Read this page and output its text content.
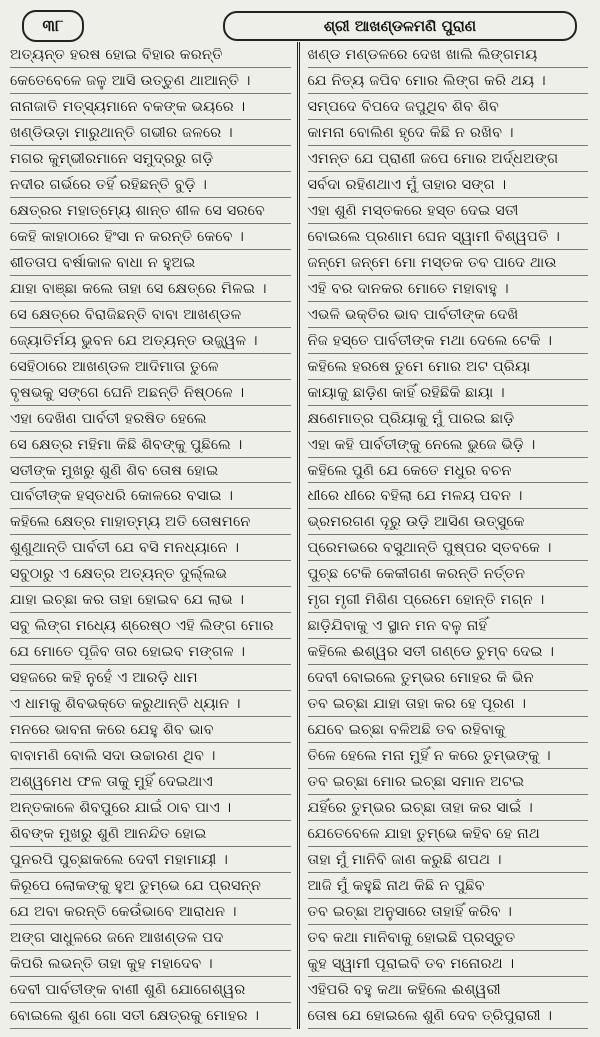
୩୮	ଶ୍ରୀ ଆଖଣ୍ଡଳମଣି ପୁରାଣ
ଅତ୍ୟନ୍ତ ହରଷ ହୋଇ ବିହାର କରନ୍ତି
କେତେବେଳେ ଜଳୁ ଆସି ଉତ୍ତୁଣ ଥାଆନ୍ତି ।
ନାନାଜାତି ମତ୍ସ୍ୟମାନେ ବକଙ୍କ ଭୟରେ ।
ଖଣ୍ଡିଉଡ଼ା ମାରୁଥାନ୍ତି ଗଭୀର ଜଳରେ ।
ମଗର କୁମ୍ଭୀରମାନେ ସମୁଦ୍ରରୁ ଗଡ଼ି
ନଦୀର ଗର୍ଭରେ ତହିଁ ରହିଛନ୍ତି ବୁଡ଼ି ।
କ୍ଷେତ୍ରର ମହାତ୍ମ୍ୟେ ଶାନ୍ତ ଶୀଳ ସେ ସରବେ
କେହି କାହାଠାରେ ହିଂସା ନ କରନ୍ତି କେବେ ।
ଶୀତତାପ ବର୍ଷାକାଳ ବାଧା ନ ହୁଅଇ
ଯାହା ବାଞ୍ଛା କଲେ ତାହା ସେ କ୍ଷେତ୍ରେ ମିଳଇ ।
ସେ କ୍ଷେତ୍ରେ ବିରାଜିଛନ୍ତି ବାବା ଆଖଣ୍ଡଳ
ଜ୍ୟୋତିର୍ମୟ ଭୁବନ ଯେ ଅତ୍ୟନ୍ତ ଉଜ୍ଜ୍ୱଳ ।
ସେହିଠାରେ ଆଖଣ୍ଡଳ ଆଦିମାତା ତୁଳେ
ବୃଷଭକୁ ସଙ୍ଗେ ଘେନି ଅଛନ୍ତି ନିଷ୍ଠଳେ ।
ଏହା ଦେଖିଣ ପାର୍ବତୀ ହରଷିତ ହେଲେ
ସେ କ୍ଷେତ୍ର ମହିମା କିଛି ଶିବଙ୍କୁ ପୁଛିଲେ ।
ସତୀଙ୍କ ମୁଖରୁ ଶୁଣି ଶିବ ତୋଷ ହୋଇ
ପାର୍ବତୀଙ୍କ ହସ୍ତଧରି କୋଳରେ ବସାଇ ।
କହିଲେ କ୍ଷେତ୍ର ମାହାତ୍ମ୍ୟ ଅତି ତୋଷମନେ
ଶୁଣୁଥାନ୍ତି ପାର୍ବତୀ ଯେ ବସି ମନଧ୍ୟାନେ ।
ସବୁଠାରୁ ଏ କ୍ଷେତ୍ର ଅତ୍ୟନ୍ତ ଦୁର୍ଲ୍ଲଭ
ଯାହା ଇଚ୍ଛା କର ତାହା ହୋଇବ ଯେ ଲାଭ ।
ସବୁ ଲିଙ୍ଗ ମଧ୍ୟେ ଶ୍ରେଷ୍ଠ ଏହି ଲିଙ୍ଗ ମୋର
ଯେ ମୋତେ ପୂଜିବ ତାର ହୋଇବ ମଙ୍ଗଳ ।
ସହଜରେ କହି ନୁହେଁ ଏ ଆରଡ଼ି ଧାମ
ଏ ଧାମକୁ ଶିବଭକ୍ତେ କରୁଥାନ୍ତି ଧ୍ୟାନ ।
ମନରେ ଭାବନା କରେ ଯେହୁ ଶିବ ଭାବ
ବାବାମଣି ବୋଲି ସଦା ଉଚ୍ଚାରଣ ଥିବ ।
ଅଶ୍ୱମେଧ ଫଳ ତାକୁ ମୁହିଁ ଦେଇଥାଏ
ଅନ୍ତକାଳେ ଶିବପୁରେ ଯାଇଁ ଠାବ ପାଏ ।
ଶିବଙ୍କ ମୁଖରୁ ଶୁଣି ଆନନ୍ଦିତ ହୋଇ
ପୁନରପି ପୁଚ୍ଛାକଲେ ଦେବୀ ମହାମାୟୀ ।
କିରୂପେ ଲୋକଙ୍କୁ ହୁଅ ତୁମ୍ଭେ ଯେ ପ୍ରସନ୍ନ
ଯେ ଅବା କରନ୍ତି କେଉଁଭାବେ ଆରାଧନ ।
ଅଙ୍ଗ ସାଧୁଳରେ ଜନେ ଆଖଣ୍ଡଳ ପଦ
କିପରି ଲଭନ୍ତି ତାହା କୁହ ମହାଦେବ ।
ଦେବୀ ପାର୍ବତୀଙ୍କ ବାଣୀ ଶୁଣି ଯୋଗେଶ୍ୱର
ବୋଇଲେ ଶୁଣ ଗୋ ସତୀ କ୍ଷେତ୍ରକୁ ମୋହର ।
ଖଣ୍ଡ ମଣ୍ଡଳରେ ଦେଖ ଖାଲି ଲିଙ୍ଗମୟ
ଯେ ନିତ୍ୟ ଜପିବ ମୋର ଲିଙ୍ଗ କରି ଥୟ ।
ସମ୍ପଦେ ବିପଦେ ଜପୁଥିବ ଶିବ ଶିବ
କାମନା ବୋଲିଣ ହୃଦେ କିଛି ନ ରଖିବ ।
ଏମନ୍ତ ଯେ ପ୍ରାଣୀ ଜପେ ମୋର ଅର୍ଦ୍ଧଅଙ୍ଗ
ସର୍ବଦା ରହିଣଥାଏ ମୁଁ ତାହାର ସଙ୍ଗ ।
ଏହା ଶୁଣି ମସ୍ତକରେ ହସ୍ତ ଦେଇ ସତୀ
ବୋଇଲେ ପ୍ରଣାମ ଘେନ ସ୍ୱାମୀ ବିଶ୍ୱପତି ।
ଜନ୍ମେ ଜନ୍ମେ ମୋ ମସ୍ତକ ତବ ପାଦେ ଥାଉ
ଏହି ବର ଦାନକର ମୋତେ ମହାବାହୁ ।
ଏଭଳି ଭକ୍ତିର ଭାବ ପାର୍ବତୀଙ୍କ ଦେଖି
ନିଜ ହସ୍ତେ ପାର୍ବତୀଙ୍କ ମଥା ଦେଲେ ଟେକି ।
କହିଲେ ହରଷେ ତୁମେ ମୋର ଅଟ ପ୍ରିୟା
କାୟାକୁ ଛାଡ଼ିଣ କାହିଁ ରହିଛିକି ଛାୟା ।
କ୍ଷଣେମାତ୍ର ପ୍ରିୟାକୁ ମୁଁ ପାରଇ ଛାଡ଼ି
ଏହା କହି ପାର୍ବତୀଙ୍କୁ ନେଲେ ଭୁଜେ ଭିଡ଼ି ।
କହିଲେ ପୁଣି ଯେ କେତେ ମଧୁର ବଚନ
ଧୀରେ ଧୀରେ ବହିଲା ଯେ ମଳୟ ପବନ ।
ଭ୍ରମରଗଣ ଦୂରୁ ଉଡ଼ି ଆସିଣ ଉତ୍ସୁକେ
ପ୍ରେମଭରେ ବସୁଥାନ୍ତି ପୁଷ୍ପର ସ୍ତବକେ ।
ପୁଚ୍ଛ ଟେକି କେକୀଗଣ କରନ୍ତି ନର୍ତ୍ତନ
ମୃଗ ମୃଗୀ ମିଶିଣ ପ୍ରେମେ ହୋନ୍ତି ମଗ୍ନ ।
ଛାଡ଼ିଯିବାକୁ ଏ ସ୍ଥାନ ମନ ବଳୁ ନାହିଁ
କହିଲେ ଈଶ୍ୱର ସତୀ ଗଣ୍ଡେ ଚୁମ୍ବ ଦେଇ ।
ଦେବୀ ବୋଇଲେ ତୁମ୍ଭର ମୋହର କି ଭିନ
ତବ ଇଚ୍ଛା ଯାହା ତାହା କର ହେ ପୂରଣ ।
ଯେବେ ଇଚ୍ଛା ବଳିଅଛି ତବ ରହିବାକୁ
ତିଳେ ହେଲେ ମନା ମୁହିଁ ନ କରେ ତୁମ୍ଭଙ୍କୁ ।
ତବ ଇଚ୍ଛା ମୋର ଇଚ୍ଛା ସମାନ ଅଟଇ
ଯହିଁରେ ତୁମ୍ଭର ଇଚ୍ଛା ତାହା କର ସାଇଁ ।
ଯେତେବେଳେ ଯାହା ତୁମ୍ଭେ କହିବ ହେ ନାଥ
ତାହା ମୁଁ ମାନିବି ଜାଣ କରୁଛି ଶପଥ ।
ଆଜି ମୁଁ କହୁଛି ନାଥ କିଛି ନ ପୁଛିବ
ତବ ଇଚ୍ଛା ଅନୁସାରେ ତାହାହିଁ କରିବ ।
ତବ କଥା ମାନିବାକୁ ହୋଇଛି ପ୍ରସ୍ତୁତ
କୁହ ସ୍ୱାମୀ ପୂରାଇବି ତବ ମନୋରଥ ।
ଏହିପରି ବହୁ କଥା କହିଲେ ଈଶ୍ୱରୀ
ତୋଷ ଯେ ହୋଇଲେ ଶୁଣି ଦେବ ତ୍ରିପୁରାରୀ ।
